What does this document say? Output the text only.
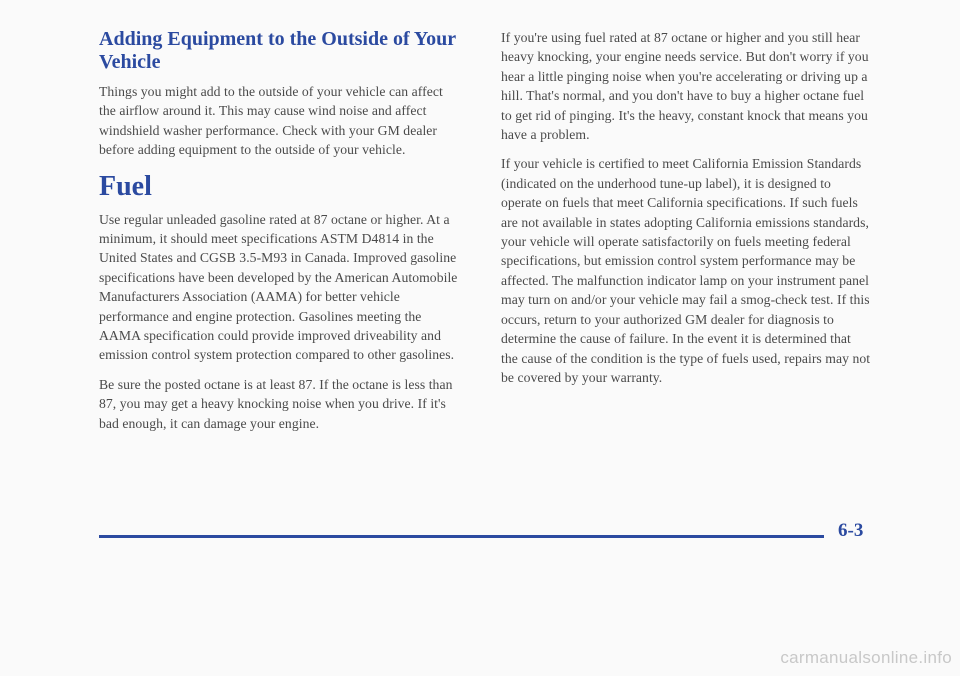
Adding Equipment to the Outside of Your Vehicle

Things you might add to the outside of your vehicle can affect the airflow around it. This may cause wind noise and affect windshield washer performance. Check with your GM dealer before adding equipment to the outside of your vehicle.

Fuel

Use regular unleaded gasoline rated at 87 octane or higher. At a minimum, it should meet specifications ASTM D4814 in the United States and CGSB 3.5-M93 in Canada. Improved gasoline specifications have been developed by the American Automobile Manufacturers Association (AAMA) for better vehicle performance and engine protection. Gasolines meeting the AAMA specification could provide improved driveability and emission control system protection compared to other gasolines.

Be sure the posted octane is at least 87. If the octane is less than 87, you may get a heavy knocking noise when you drive. If it's bad enough, it can damage your engine.

If you're using fuel rated at 87 octane or higher and you still hear heavy knocking, your engine needs service. But don't worry if you hear a little pinging noise when you're accelerating or driving up a hill. That's normal, and you don't have to buy a higher octane fuel to get rid of pinging. It's the heavy, constant knock that means you have a problem.

If your vehicle is certified to meet California Emission Standards (indicated on the underhood tune-up label), it is designed to operate on fuels that meet California specifications. If such fuels are not available in states adopting California emissions standards, your vehicle will operate satisfactorily on fuels meeting federal specifications, but emission control system performance may be affected. The malfunction indicator lamp on your instrument panel may turn on and/or your vehicle may fail a smog-check test. If this occurs, return to your authorized GM dealer for diagnosis to determine the cause of failure. In the event it is determined that the cause of the condition is the type of fuels used, repairs may not be covered by your warranty.

6-3
carmanualsonline.info
